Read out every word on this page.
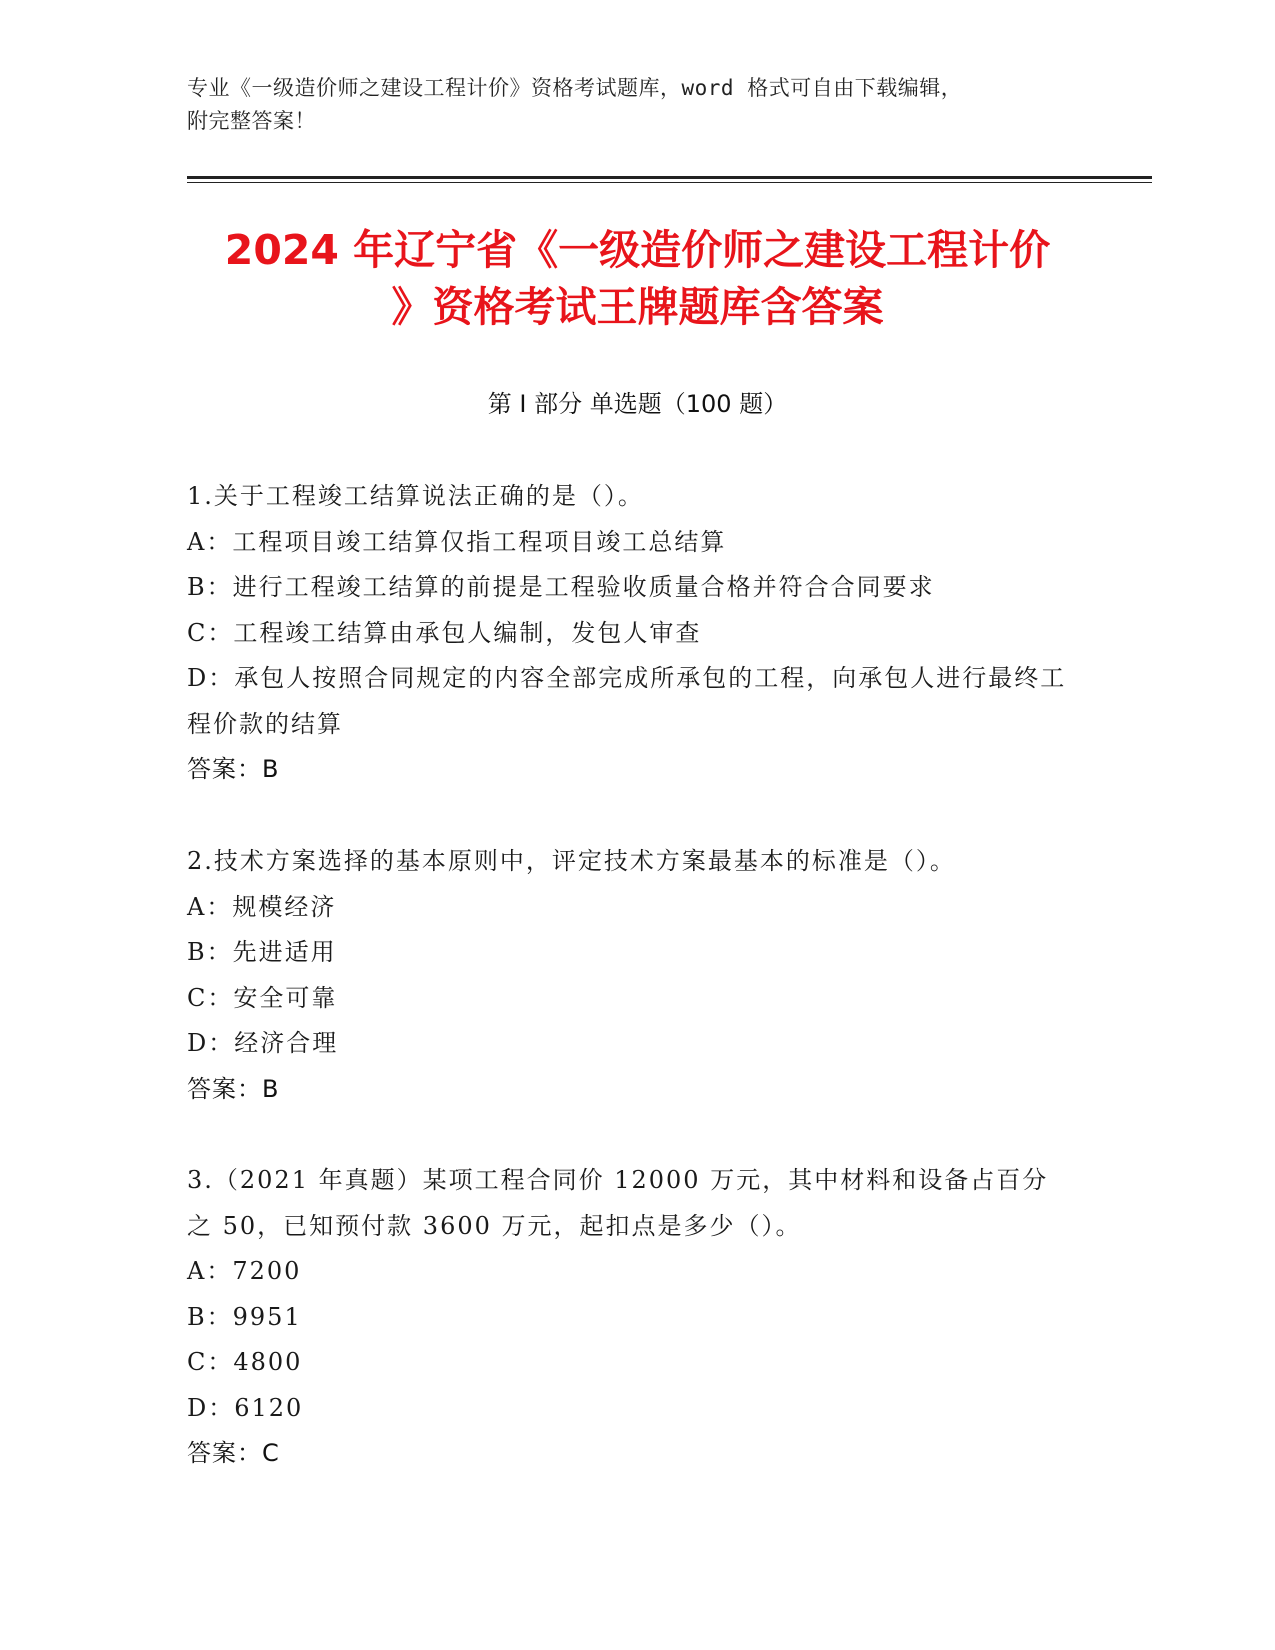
专业《一级造价师之建设工程计价》资格考试题库，word 格式可自由下载编辑，
附完整答案！
2024 年辽宁省《一级造价师之建设工程计价
》资格考试王牌题库含答案
第 I 部分 单选题（100 题）
1.关于工程竣工结算说法正确的是（）。
A：工程项目竣工结算仅指工程项目竣工总结算
B：进行工程竣工结算的前提是工程验收质量合格并符合合同要求
C：工程竣工结算由承包人编制，发包人审查
D：承包人按照合同规定的内容全部完成所承包的工程，向承包人进行最终工程价款的结算
答案：B
2.技术方案选择的基本原则中，评定技术方案最基本的标准是（）。
A：规模经济
B：先进适用
C：安全可靠
D：经济合理
答案：B
3.（2021 年真题）某项工程合同价 12000 万元，其中材料和设备占百分之 50，已知预付款 3600 万元，起扣点是多少（）。
A：7200
B：9951
C：4800
D：6120
答案：C
